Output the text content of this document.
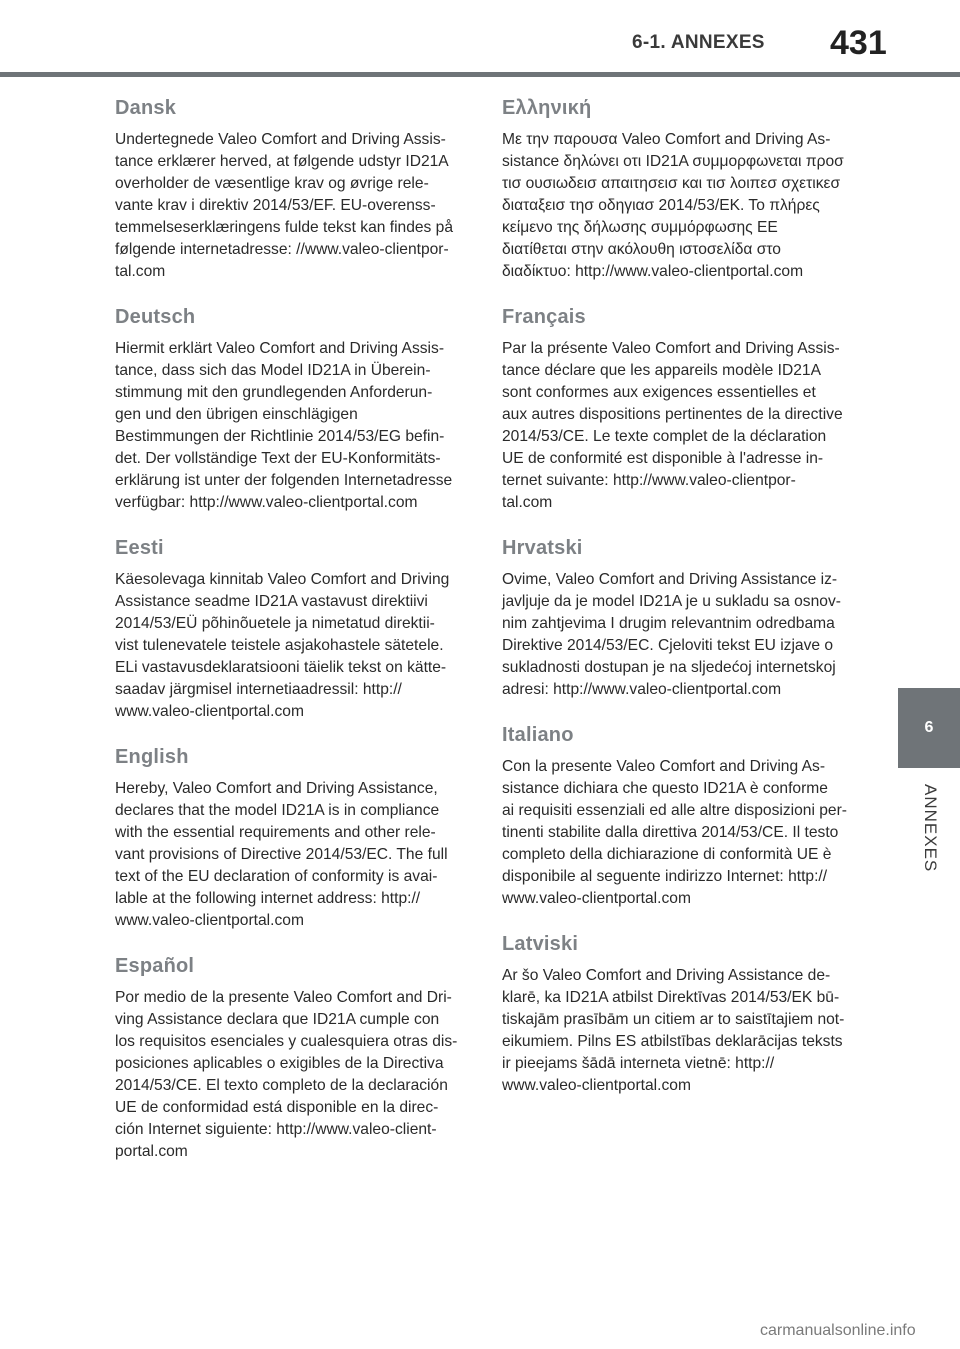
6-1. ANNEXES	431
6
ANNEXES
Dansk

Undertegnede Valeo Comfort and Driving Assis-
tance erklærer herved, at følgende udstyr ID21A
overholder de væsentlige krav og øvrige rele-
vante krav i direktiv 2014/53/EF. EU-overenss-
temmelseserklæringens fulde tekst kan findes på
følgende internetadresse: //www.valeo-clientpor-
tal.com

Deutsch

Hiermit erklärt Valeo Comfort and Driving Assis-
tance, dass sich das Model ID21A in Überein-
stimmung mit den grundlegenden Anforderun-
gen und den übrigen einschlägigen
Bestimmungen der Richtlinie 2014/53/EG befin-
det. Der vollständige Text der EU-Konformitäts-
erklärung ist unter der folgenden Internetadresse
verfügbar: http://www.valeo-clientportal.com

Eesti

Käesolevaga kinnitab Valeo Comfort and Driving
Assistance seadme ID21A vastavust direktiivi
2014/53/EÜ põhinõuetele ja nimetatud direktii-
vist tulenevatele teistele asjakohastele sätetele.
ELi vastavusdeklaratsiooni täielik tekst on kätte-
saadav järgmisel internetiaadressil: http://
www.valeo-clientportal.com

English

Hereby, Valeo Comfort and Driving Assistance,
declares that the model ID21A is in compliance
with the essential requirements and other rele-
vant provisions of Directive 2014/53/EC. The full
text of the EU declaration of conformity is avai-
lable at the following internet address: http://
www.valeo-clientportal.com

Español

Por medio de la presente Valeo Comfort and Dri-
ving Assistance declara que ID21A cumple con
los requisitos esenciales y cualesquiera otras dis-
posiciones aplicables o exigibles de la Directiva
2014/53/CE. El texto completo de la declaración
UE de conformidad está disponible en la direc-
ción Internet siguiente: http://www.valeo-client-
portal.com

Ελληνική

Με την παρουσα Valeo Comfort and Driving As-
sistance δηλώνει οτι ID21A συμμορφωνεται προσ
τισ ουσιωδεισ απαιτησεισ και τισ λοιπεσ σχετικεσ
διαταξεισ τησ οδηγιασ 2014/53/ΕΚ. Το πλήρες
κείμενο της δήλωσης συμμόρφωσης ΕΕ
διατίθεται στην ακόλουθη ιστοσελίδα στο
διαδίκτυο: http://www.valeo-clientportal.com

Français

Par la présente Valeo Comfort and Driving Assis-
tance déclare que les appareils modèle ID21A
sont conformes aux exigences essentielles et
aux autres dispositions pertinentes de la directive
2014/53/CE. Le texte complet de la déclaration
UE de conformité est disponible à l'adresse in-
ternet suivante: http://www.valeo-clientpor-
tal.com

Hrvatski

Ovime, Valeo Comfort and Driving Assistance iz-
javljuje da je model ID21A je u sukladu sa osnov-
nim zahtjevima I drugim relevantnim odredbama
Direktive 2014/53/EC. Cjeloviti tekst EU izjave o
sukladnosti dostupan je na sljedećoj internetskoj
adresi: http://www.valeo-clientportal.com

Italiano

Con la presente Valeo Comfort and Driving As-
sistance dichiara che questo ID21A è conforme
ai requisiti essenziali ed alle altre disposizioni per-
tinenti stabilite dalla direttiva 2014/53/CE. Il testo
completo della dichiarazione di conformità UE è
disponibile al seguente indirizzo Internet: http://
www.valeo-clientportal.com

Latviski

Ar šo Valeo Comfort and Driving Assistance de-
klarē, ka ID21A atbilst Direktīvas 2014/53/EK bū-
tiskajām prasībām un citiem ar to saistītajiem not-
eikumiem. Pilns ES atbilstības deklarācijas teksts
ir pieejams šādā interneta vietnē: http://
www.valeo-clientportal.com

carmanualsonline.info
